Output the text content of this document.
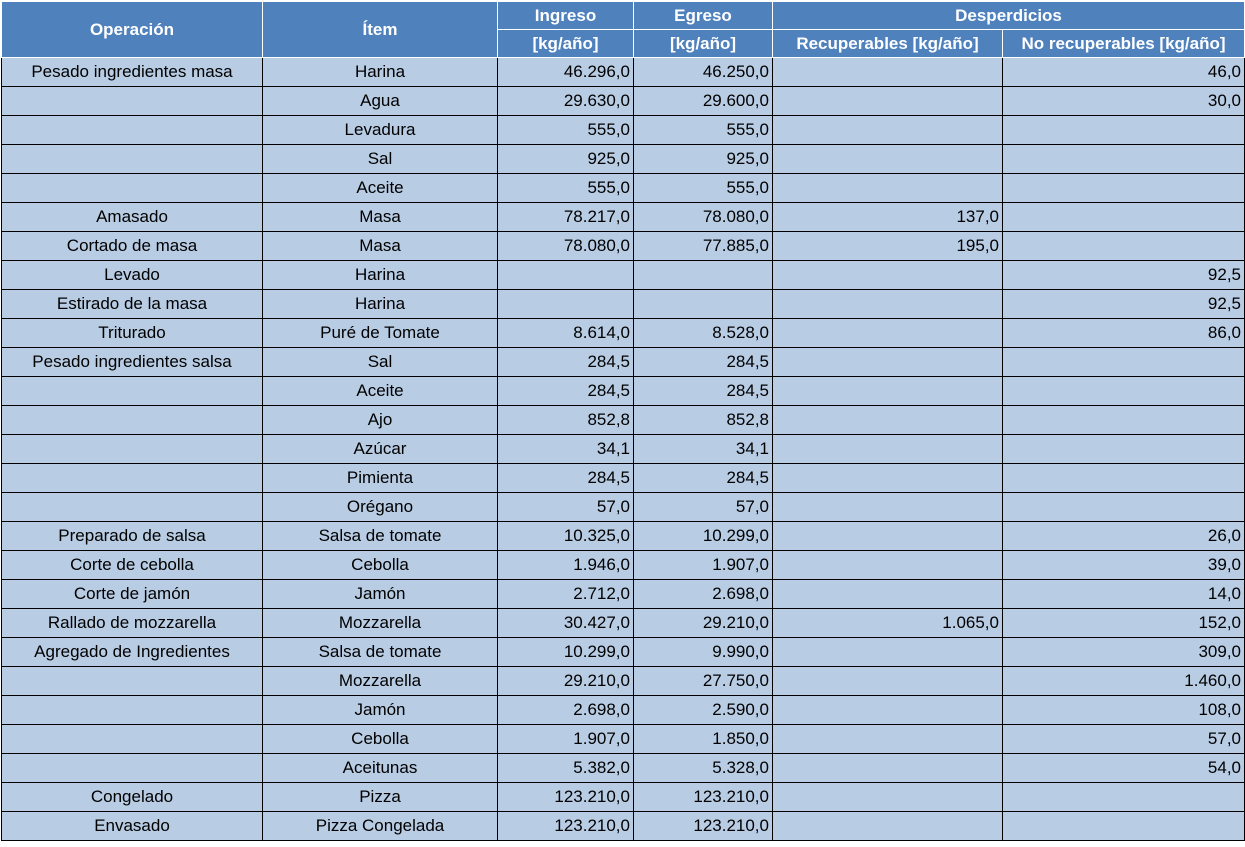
Operación	Ítem	Ingreso	Egreso	Desperdicios	
		[kg/año]	[kg/año]	Recuperables [kg/año]	No recuperables [kg/año]
Pesado ingredientes masa	Harina	46.296,0	46.250,0		46,0
	Agua	29.630,0	29.600,0		30,0
	Levadura	555,0	555,0		
	Sal	925,0	925,0		
	Aceite	555,0	555,0		
Amasado	Masa	78.217,0	78.080,0	137,0	
Cortado de masa	Masa	78.080,0	77.885,0	195,0	
Levado	Harina				92,5
Estirado de la masa	Harina				92,5
Triturado	Puré de Tomate	8.614,0	8.528,0		86,0
Pesado ingredientes salsa	Sal	284,5	284,5		
	Aceite	284,5	284,5		
	Ajo	852,8	852,8		
	Azúcar	34,1	34,1		
	Pimienta	284,5	284,5		
	Orégano	57,0	57,0		
Preparado de salsa	Salsa de tomate	10.325,0	10.299,0		26,0
Corte de cebolla	Cebolla	1.946,0	1.907,0		39,0
Corte de jamón	Jamón	2.712,0	2.698,0		14,0
Rallado de mozzarella	Mozzarella	30.427,0	29.210,0	1.065,0	152,0
Agregado de Ingredientes	Salsa de tomate	10.299,0	9.990,0		309,0
	Mozzarella	29.210,0	27.750,0		1.460,0
	Jamón	2.698,0	2.590,0		108,0
	Cebolla	1.907,0	1.850,0		57,0
	Aceitunas	5.382,0	5.328,0		54,0
Congelado	Pizza	123.210,0	123.210,0		
Envasado	Pizza Congelada	123.210,0	123.210,0		
